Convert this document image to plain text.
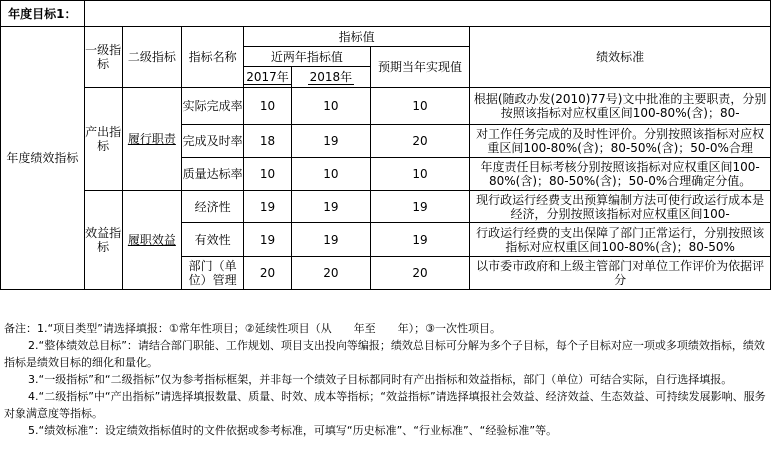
年度目标1：							
年度绩效指标	一级指标	二级指标	指标名称	指标值			绩效标准
				近两年指标值		预期当年实现值	

				2017年	2018年		

	产出指标	履行职责	实际完成率	10	10	10	根据(随政办发(2010)77号)文中批准的主要职责，分别按照该指标对应权重区间100-80%(含)；80-
			完成及时率	18	19	20	对工作任务完成的及时性评价。分别按照该指标对应权重区间100-80%(含)；80-50%(含)；50-0%合理
			质量达标率	10	10	10	年度责任目标考核分别按照该指标对应权重区间100-80%(含)；80-50%(含)；50-0%合理确定分值。
	效益指标	履职效益	经济性	19	19	19	现行政运行经费支出预算编制方法可使行政运行成本是经济，分别按照该指标对应权重区间100-
			有效性	19	19	19	行政运行经费的支出保障了部门正常运行，分别按照该指标对应权重区间100-80%(含)；80-50%
			部门（单位）管理	20	20	20	以市委市政府和上级主管部门对单位工作评价为依据评分

备注：1.“项目类型”请选择填报：①常年性项目；②延续性项目（从　　年至　　年）；③一次性项目。

2.“整体绩效总目标”：请结合部门职能、工作规划、项目支出投向等编报；绩效总目标可分解为多个子目标，每个子目标对应一项或多项绩效指标，绩效指标是绩效目标的细化和量化。

3.“一级指标”和“二级指标”仅为参考指标框架，并非每一个绩效子目标都同时有产出指标和效益指标，部门（单位）可结合实际，自行选择填报。

4.“二级指标”中“产出指标”请选择填报数量、质量、时效、成本等指标；“效益指标”请选择填报社会效益、经济效益、生态效益、可持续发展影响、服务对象满意度等指标。

5.“绩效标准”：设定绩效指标值时的文件依据或参考标准，可填写“历史标准”、“行业标准”、“经验标准”等。
